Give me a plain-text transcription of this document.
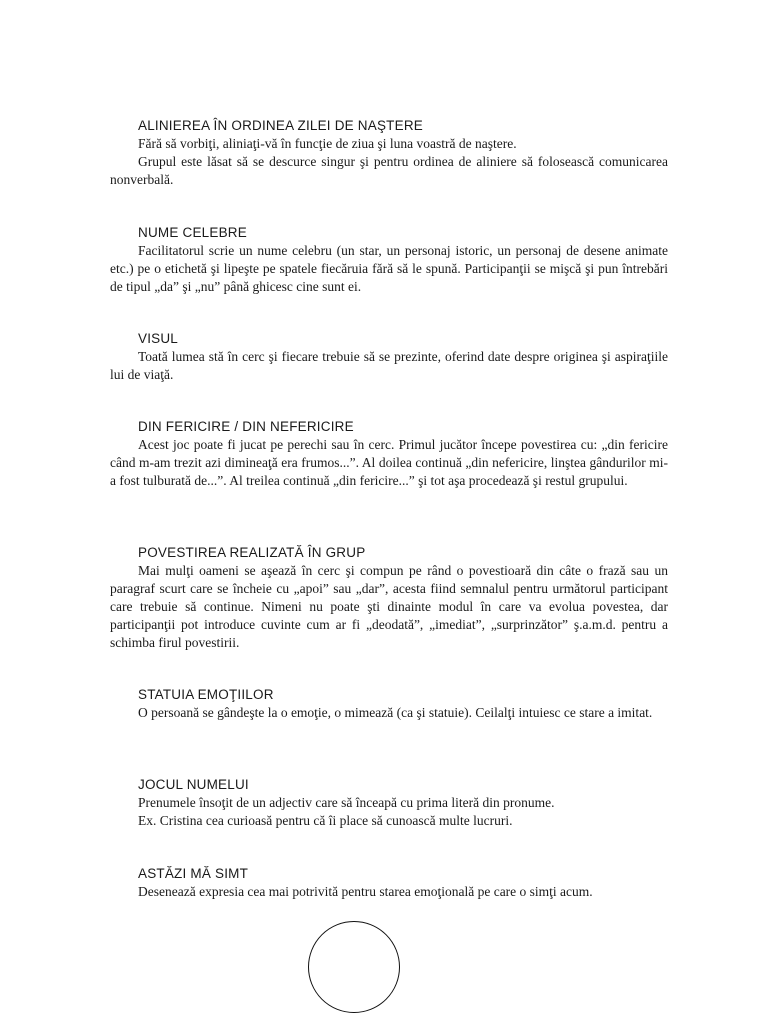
ALINIEREA ÎN ORDINEA ZILEI DE NAŞTERE

Fără să vorbiţi, aliniaţi-vă în funcţie de ziua şi luna voastră de naştere.

Grupul este lăsat să se descurce singur şi pentru ordinea de aliniere să folosească comunicarea nonverbală.

NUME CELEBRE

Facilitatorul scrie un nume celebru (un star, un personaj istoric, un personaj de desene animate etc.) pe o etichetă şi lipeşte pe spatele fiecăruia fără să le spună. Participanţii se mişcă şi pun întrebări de tipul „da” şi „nu” până ghicesc cine sunt ei.

VISUL

Toată lumea stă în cerc şi fiecare trebuie să se prezinte, oferind date despre originea şi aspiraţiile lui de viaţă.

DIN FERICIRE / DIN NEFERICIRE

Acest joc poate fi jucat pe perechi sau în cerc. Primul jucător începe povestirea cu: „din fericire când m-am trezit azi dimineaţă era frumos...”. Al doilea continuă „din nefericire, linştea gândurilor mi-a fost tulburată de...”. Al treilea continuă „din fericire...” şi tot aşa procedează şi restul grupului.

POVESTIREA REALIZATĂ ÎN GRUP

Mai mulţi oameni se aşează în cerc şi compun pe rând o povestioară din câte o frază sau un paragraf scurt care se încheie cu „apoi” sau „dar”, acesta fiind semnalul pentru următorul participant care trebuie să continue. Nimeni nu poate şti dinainte modul în care va evolua povestea, dar participanţii pot introduce cuvinte cum ar fi „deodată”, „imediat”, „surprinzător” ş.a.m.d. pentru a schimba firul povestirii.

STATUIA EMOŢIILOR

O persoană se gândeşte la o emoţie, o mimează (ca şi statuie). Ceilalţi intuiesc ce stare a imitat.

JOCUL NUMELUI

Prenumele însoţit de un adjectiv care să înceapă cu prima literă din pronume.

Ex. Cristina cea curioasă pentru că îi place să cunoască multe lucruri.

ASTĂZI MĂ SIMT

Desenează expresia cea mai potrivită pentru starea emoţională pe care o simţi acum.
